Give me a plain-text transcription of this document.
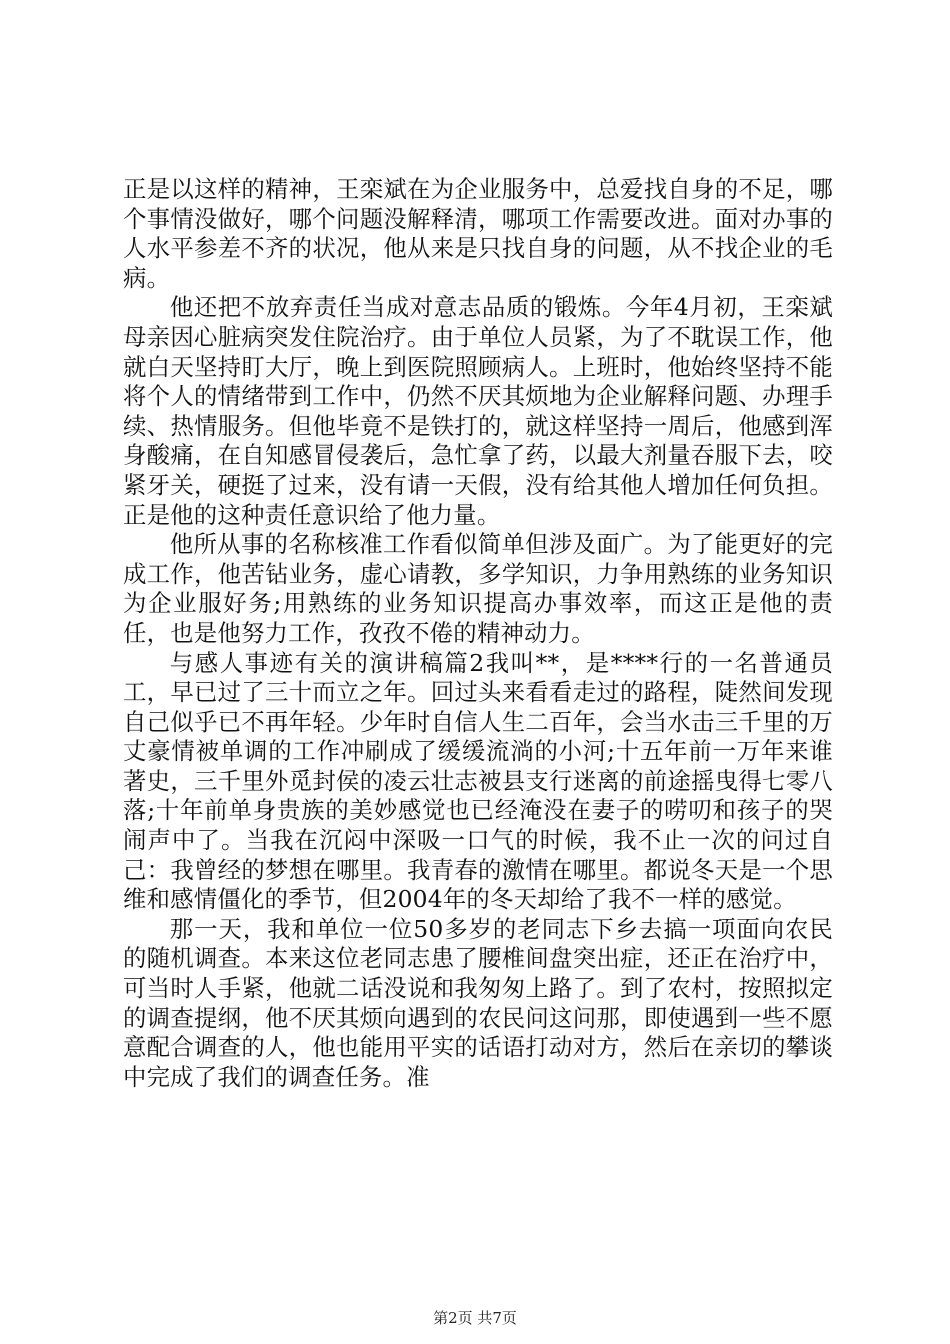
正是以这样的精神，王栾斌在为企业服务中，总爱找自身的不足，哪个事情没做好，哪个问题没解释清，哪项工作需要改进。面对办事的人水平参差不齐的状况，他从来是只找自身的问题，从不找企业的毛病。

他还把不放弃责任当成对意志品质的锻炼。今年4月初，王栾斌母亲因心脏病突发住院治疗。由于单位人员紧，为了不耽误工作，他就白天坚持盯大厅，晚上到医院照顾病人。上班时，他始终坚持不能将个人的情绪带到工作中，仍然不厌其烦地为企业解释问题、办理手续、热情服务。但他毕竟不是铁打的，就这样坚持一周后，他感到浑身酸痛，在自知感冒侵袭后，急忙拿了药，以最大剂量吞服下去，咬紧牙关，硬挺了过来，没有请一天假，没有给其他人增加任何负担。正是他的这种责任意识给了他力量。

他所从事的名称核准工作看似简单但涉及面广。为了能更好的完成工作，他苦钻业务，虚心请教，多学知识，力争用熟练的业务知识为企业服好务;用熟练的业务知识提高办事效率，而这正是他的责任，也是他努力工作，孜孜不倦的精神动力。

与感人事迹有关的演讲稿篇2我叫**，是****行的一名普通员工，早已过了三十而立之年。回过头来看看走过的路程，陡然间发现自己似乎已不再年轻。少年时自信人生二百年，会当水击三千里的万丈豪情被单调的工作冲刷成了缓缓流淌的小河;十五年前一万年来谁著史，三千里外觅封侯的凌云壮志被县支行迷离的前途摇曳得七零八落;十年前单身贵族的美妙感觉也已经淹没在妻子的唠叨和孩子的哭闹声中了。当我在沉闷中深吸一口气的时候，我不止一次的问过自己：我曾经的梦想在哪里。我青春的激情在哪里。都说冬天是一个思维和感情僵化的季节，但2004年的冬天却给了我不一样的感觉。

那一天，我和单位一位50多岁的老同志下乡去搞一项面向农民的随机调查。本来这位老同志患了腰椎间盘突出症，还正在治疗中，可当时人手紧，他就二话没说和我匆匆上路了。到了农村，按照拟定的调查提纲，他不厌其烦向遇到的农民问这问那，即使遇到一些不愿意配合调查的人，他也能用平实的话语打动对方，然后在亲切的攀谈中完成了我们的调查任务。准

第2页 共7页
